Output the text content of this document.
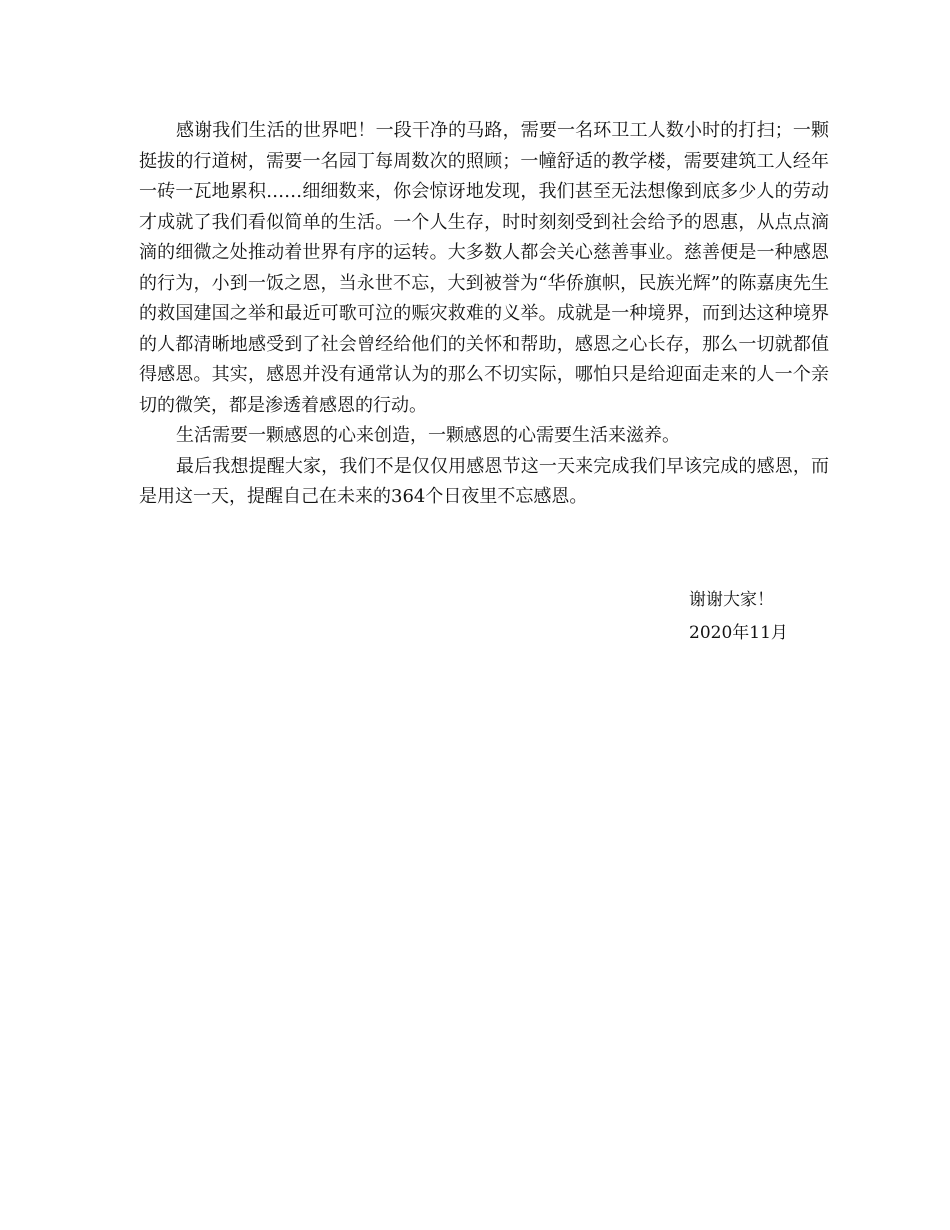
感谢我们生活的世界吧！一段干净的马路，需要一名环卫工人数小时的打扫；一颗挺拔的行道树，需要一名园丁每周数次的照顾；一幢舒适的教学楼，需要建筑工人经年一砖一瓦地累积……细细数来，你会惊讶地发现，我们甚至无法想像到底多少人的劳动才成就了我们看似简单的生活。一个人生存，时时刻刻受到社会给予的恩惠，从点点滴滴的细微之处推动着世界有序的运转。大多数人都会关心慈善事业。慈善便是一种感恩的行为，小到一饭之恩，当永世不忘，大到被誉为“华侨旗帜，民族光辉”的陈嘉庚先生的救国建国之举和最近可歌可泣的赈灾救难的义举。成就是一种境界，而到达这种境界的人都清晰地感受到了社会曾经给他们的关怀和帮助，感恩之心长存，那么一切就都值得感恩。其实，感恩并没有通常认为的那么不切实际，哪怕只是给迎面走来的人一个亲切的微笑，都是渗透着感恩的行动。

生活需要一颗感恩的心来创造，一颗感恩的心需要生活来滋养。

最后我想提醒大家，我们不是仅仅用感恩节这一天来完成我们早该完成的感恩，而是用这一天，提醒自己在未来的364个日夜里不忘感恩。

谢谢大家！
2020年11月
